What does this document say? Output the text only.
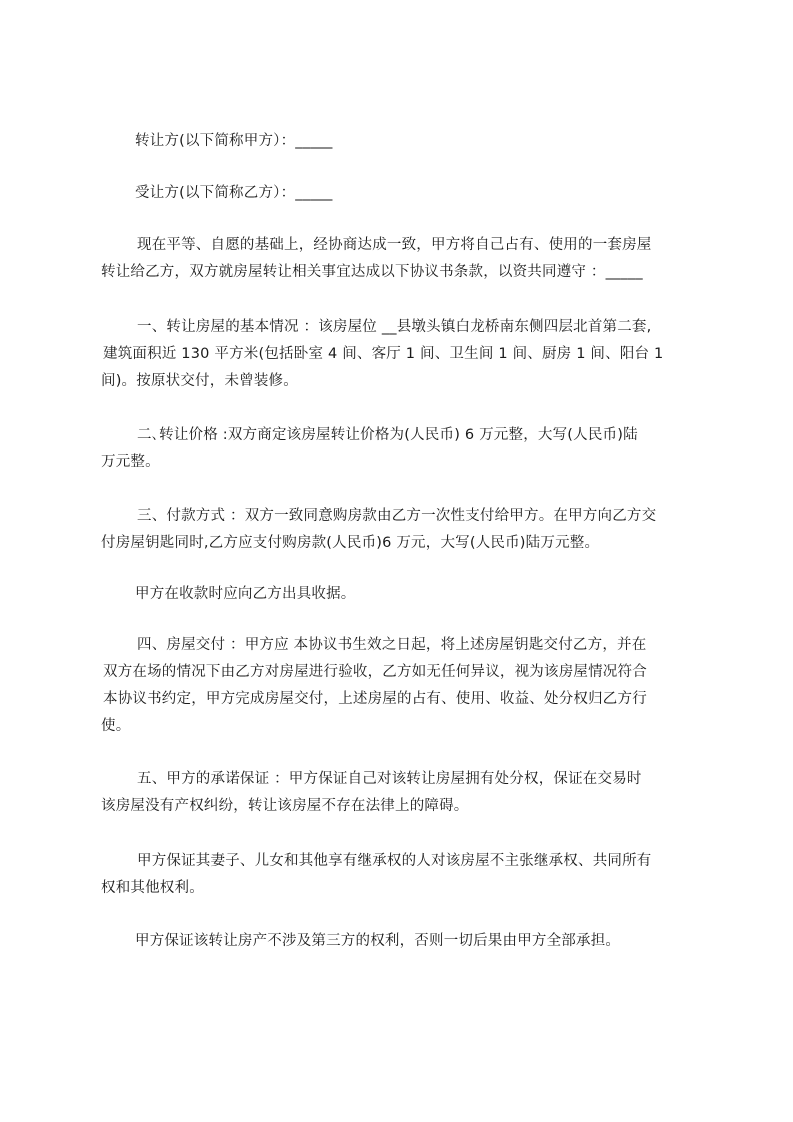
转让方(以下简称甲方）：_____
受让方(以下简称乙方）：_____
现在平等、自愿的基础上，经协商达成一致，甲方将自己占有、使用的一套房屋
转让给乙方，双方就房屋转让相关事宜达成以下协议书条款，以资共同遵守 ：_____
一、转让房屋的基本情况 ：该房屋位 __县墩头镇白龙桥南东侧四层北首第二套,
建筑面积近 130 平方米(包括卧室 4 间、客厅 1 间、卫生间 1 间、厨房 1 间、阳台 1
间)。按原状交付，未曾装修。
二､转让价格 :双方商定该房屋转让价格为(人民币) 6 万元整，大写(人民币)陆
万元整。
三、付款方式 ：双方一致同意购房款由乙方一次性支付给甲方。在甲方向乙方交
付房屋钥匙同时,乙方应支付购房款(人民币)6 万元，大写(人民币)陆万元整。
甲方在收款时应向乙方出具收据。
四、房屋交付 ：甲方应 本协议书生效之日起，将上述房屋钥匙交付乙方，并在
双方在场的情况下由乙方对房屋进行验收，乙方如无任何异议，视为该房屋情况符合
本协议书约定，甲方完成房屋交付，上述房屋的占有、使用、收益、处分权归乙方行
使。
五、甲方的承诺保证 ：甲方保证自己对该转让房屋拥有处分权，保证在交易时
该房屋没有产权纠纷，转让该房屋不存在法律上的障碍。
甲方保证其妻子、儿女和其他享有继承权的人对该房屋不主张继承权、共同所有
权和其他权利。
甲方保证该转让房产不涉及第三方的权利，否则一切后果由甲方全部承担。
